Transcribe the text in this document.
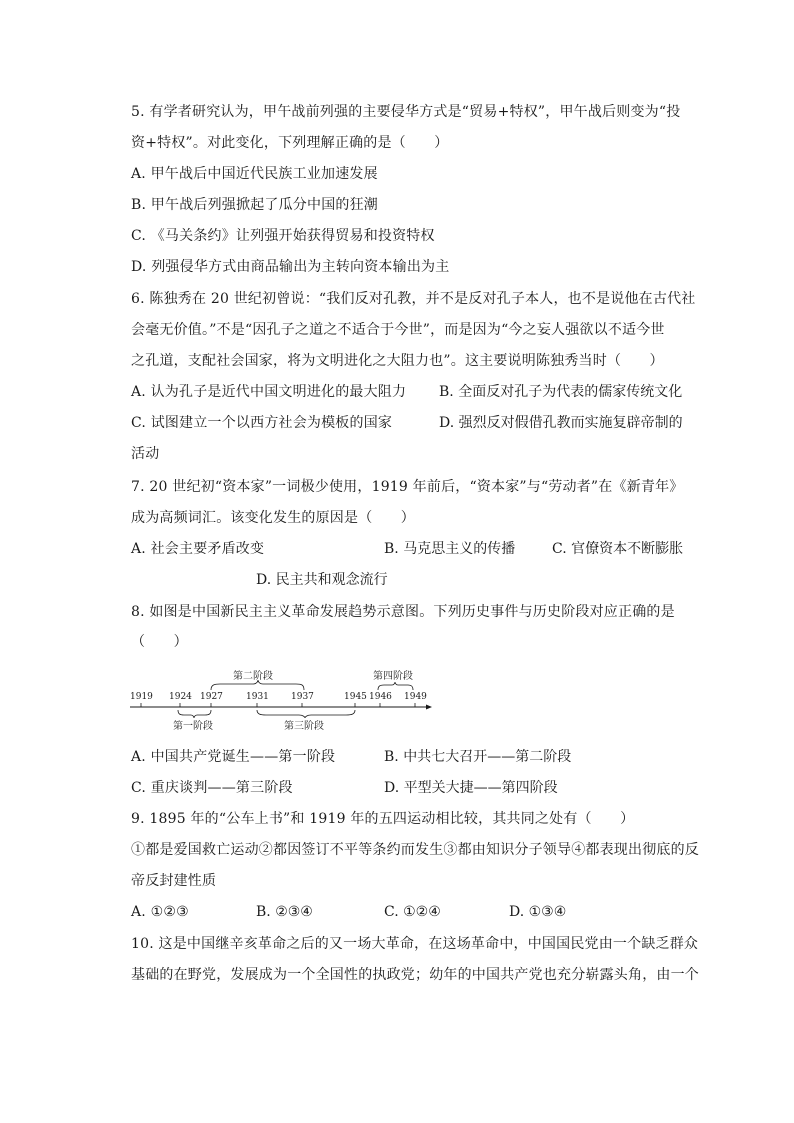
5. 有学者研究认为，甲午战前列强的主要侵华方式是“贸易+特权”，甲午战后则变为“投
资+特权”。对此变化，下列理解正确的是（　　）
A. 甲午战后中国近代民族工业加速发展
B. 甲午战后列强掀起了瓜分中国的狂潮
C. 《马关条约》让列强开始获得贸易和投资特权
D. 列强侵华方式由商品输出为主转向资本输出为主
6. 陈独秀在 20 世纪初曾说：“我们反对孔教，并不是反对孔子本人，也不是说他在古代社
会毫无价值。”不是“因孔子之道之不适合于今世”，而是因为“今之妄人强欲以不适今世
之孔道，支配社会国家，将为文明进化之大阻力也”。这主要说明陈独秀当时（　　）
A. 认为孔子是近代中国文明进化的最大阻力 B. 全面反对孔子为代表的儒家传统文化
C. 试图建立一个以西方社会为模板的国家	D. 强烈反对假借孔教而实施复辟帝制的
活动
7. 20 世纪初“资本家”一词极少使用，1919 年前后，“资本家”与“劳动者”在《新青年》
成为高频词汇。该变化发生的原因是（　　）
A. 社会主要矛盾改变	B. 马克思主义的传播	C. 官僚资本不断膨胀
D. 民主共和观念流行
8. 如图是中国新民主主义革命发展趋势示意图。下列历史事件与历史阶段对应正确的是
（　　）
第二阶段	第四阶段
1919 1924 1927	1931 1937	1945 1946 1949
第一阶段	第三阶段
A. 中国共产党诞生——第一阶段	B. 中共七大召开——第二阶段
C. 重庆谈判——第三阶段	D. 平型关大捷——第四阶段
9. 1895 年的“公车上书”和 1919 年的五四运动相比较，其共同之处有（　　）
①都是爱国救亡运动②都因签订不平等条约而发生③都由知识分子领导④都表现出彻底的反
帝反封建性质
A. ①②③	B. ②③④	C. ①②④	D. ①③④
10. 这是中国继辛亥革命之后的又一场大革命，在这场革命中，中国国民党由一个缺乏群众
基础的在野党，发展成为一个全国性的执政党；幼年的中国共产党也充分崭露头角，由一个
